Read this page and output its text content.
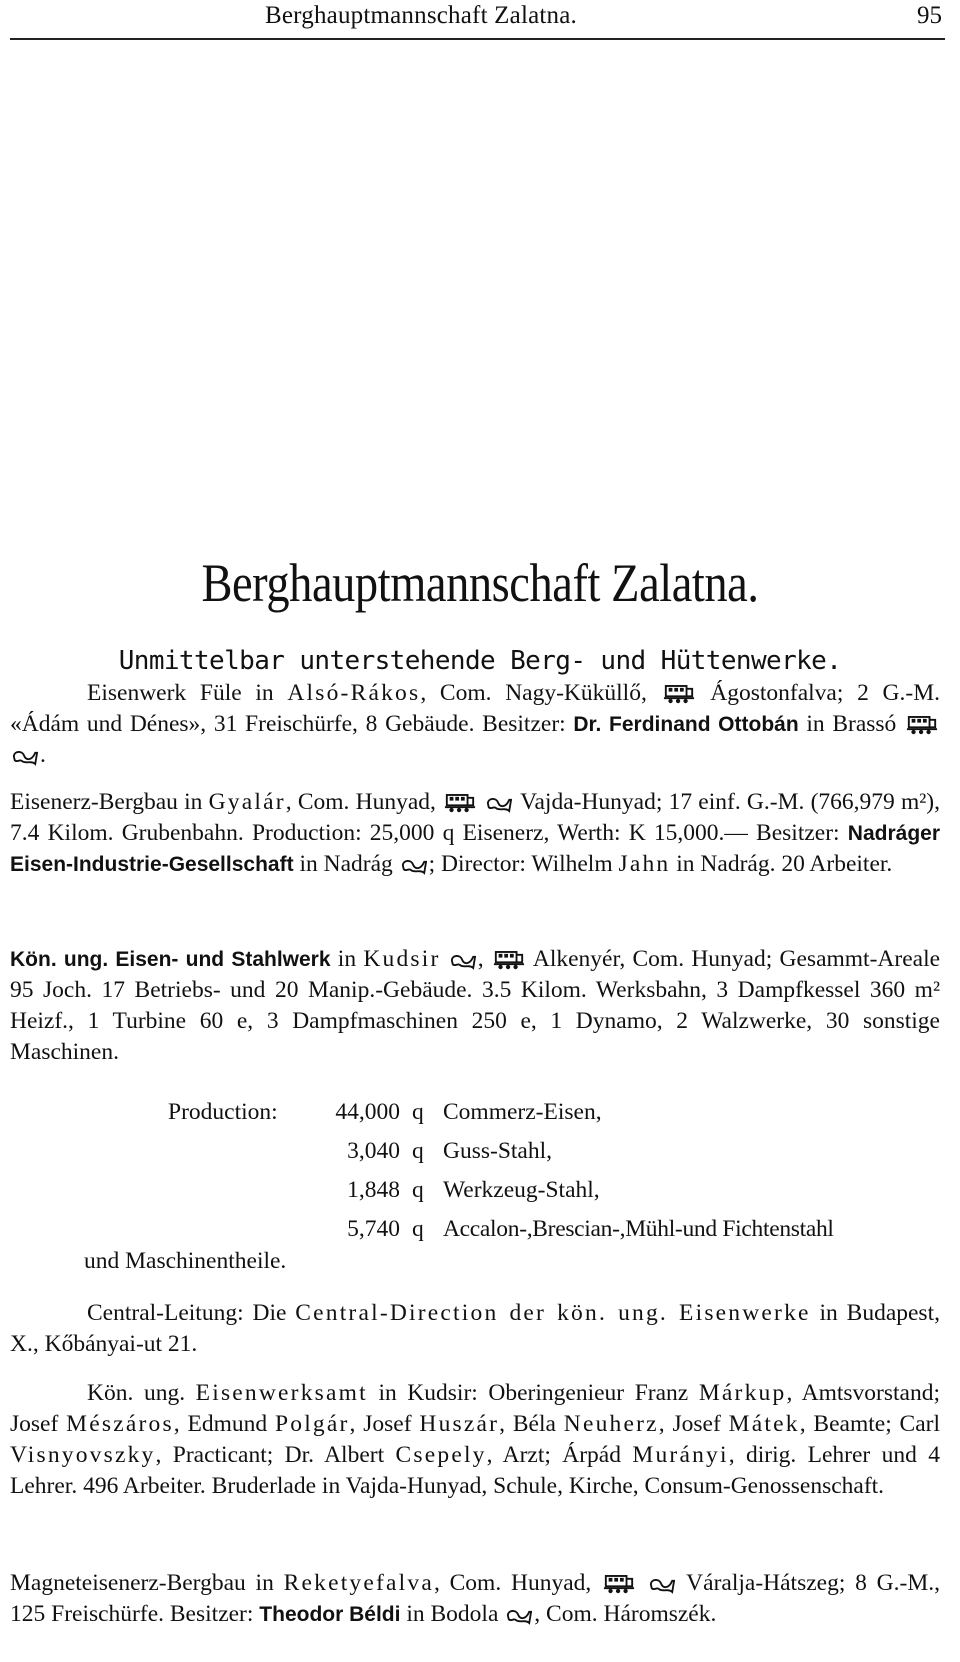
Berghauptmannschaft Zalatna.	95
Berghauptmannschaft Zalatna.
Unmittelbar unterstehende Berg- und Hüttenwerke.
Eisenwerk Füle in Alsó-Rákos, Com. Nagy-Küküllő,  Ágostonfalva; 2 G.-M. «Ádám und Dénes», 31 Freischürfe, 8 Gebäude. Besitzer: Dr. Ferdinand Ottobán in Brassó  .
Eisenerz-Bergbau in Gyalár, Com. Hunyad,	Vajda-Hunyad; 17 einf. G.-M. (766,979 m²), 7.4 Kilom. Grubenbahn. Production: 25,000 q Eisenerz, Werth: K 15,000.— Besitzer: Nadráger Eisen-Industrie-Gesellschaft in Nadrág ; Director: Wilhelm Jahn in Nadrág. 20 Arbeiter.
Kön. ung. Eisen- und Stahlwerk in Kudsir ,  Alkenyér, Com. Hunyad; Gesammt-Areale 95 Joch. 17 Betriebs- und 20 Manip.-Gebäude. 3.5 Kilom. Werksbahn, 3 Dampfkessel 360 m² Heizf., 1 Turbine 60 e, 3 Dampfmaschinen 250 e, 1 Dynamo, 2 Walzwerke, 30 sonstige Maschinen.
Production:	44,000 q Commerz-Eisen,
3,040 q Guss-Stahl,
1,848 q Werkzeug-Stahl,
5,740 q Accalon-,Brescian-,Mühl-und Fichtenstahl
und Maschinentheile.
Central-Leitung: Die Central-Direction der kön. ung. Eisenwerke in Budapest, X., Kőbányai-ut 21.
Kön. ung. Eisenwerksamt in Kudsir: Oberingenieur Franz Márkup, Amtsvorstand; Josef Mészáros, Edmund Polgár, Josef Huszár, Béla Neuherz, Josef Mátek, Beamte; Carl Visnyovszky, Practicant; Dr. Albert Csepely, Arzt; Árpád Murányi, dirig. Lehrer und 4 Lehrer. 496 Arbeiter. Bruderlade in Vajda-Hunyad, Schule, Kirche, Consum-Genossenschaft.
Magneteisenerz-Bergbau in Reketyefalva, Com. Hunyad,	Váralja-Hátszeg; 8 G.-M., 125 Freischürfe. Besitzer: Theodor Béldi in Bodola , Com. Háromszék.
